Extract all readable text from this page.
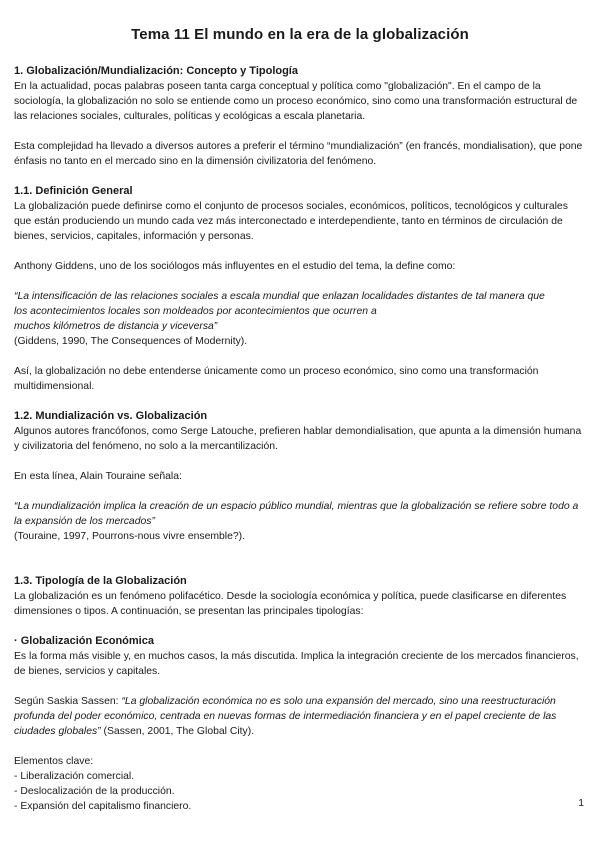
Tema 11 El mundo en la era de la globalización
1. Globalización/Mundialización: Concepto y Tipología

En la actualidad, pocas palabras poseen tanta carga conceptual y política como "globalización". En el campo de la sociología, la globalización no solo se entiende como un proceso económico, sino como una transformación estructural de las relaciones sociales, culturales, políticas y ecológicas a escala planetaria.

Esta complejidad ha llevado a diversos autores a preferir el término “mundialización” (en francés, mondialisation), que pone énfasis no tanto en el mercado sino en la dimensión civilizatoria del fenómeno.

1.1. Definición General

La globalización puede definirse como el conjunto de procesos sociales, económicos, políticos, tecnológicos y culturales que están produciendo un mundo cada vez más interconectado e interdependiente, tanto en términos de circulación de bienes, servicios, capitales, información y personas.

Anthony Giddens, uno de los sociólogos más influyentes en el estudio del tema, la define como:

“La intensificación de las relaciones sociales a escala mundial que enlazan localidades distantes de tal manera que
los acontecimientos locales son moldeados por acontecimientos que ocurren a
muchos kilómetros de distancia y viceversa”

(Giddens, 1990, The Consequences of Modernity).

Así, la globalización no debe entenderse únicamente como un proceso económico, sino como una transformación multidimensional.

1.2. Mundialización vs. Globalización

Algunos autores francófonos, como Serge Latouche, prefieren hablar demondialisation, que apunta a la dimensión humana y civilizatoria del fenómeno, no solo a la mercantilización.

En esta línea, Alain Touraine señala:

“La mundialización implica la creación de un espacio público mundial, mientras que la globalización se refiere sobre todo a la expansión de los mercados”

(Touraine, 1997, Pourrons-nous vivre ensemble?).

1.3. Tipología de la Globalización

La globalización es un fenómeno polifacético. Desde la sociología económica y política, puede clasificarse en diferentes dimensiones o tipos. A continuación, se presentan las principales tipologías:

· Globalización Económica

Es la forma más visible y, en muchos casos, la más discutida. Implica la integración creciente de los mercados financieros, de bienes, servicios y capitales.

Según Saskia Sassen: “La globalización económica no es solo una expansión del mercado, sino una reestructuración profunda del poder económico, centrada en nuevas formas de intermediación financiera y en el papel creciente de las ciudades globales” (Sassen, 2001, The Global City).

Elementos clave:

- Liberalización comercial.

- Deslocalización de la producción.

- Expansión del capitalismo financiero.	1
